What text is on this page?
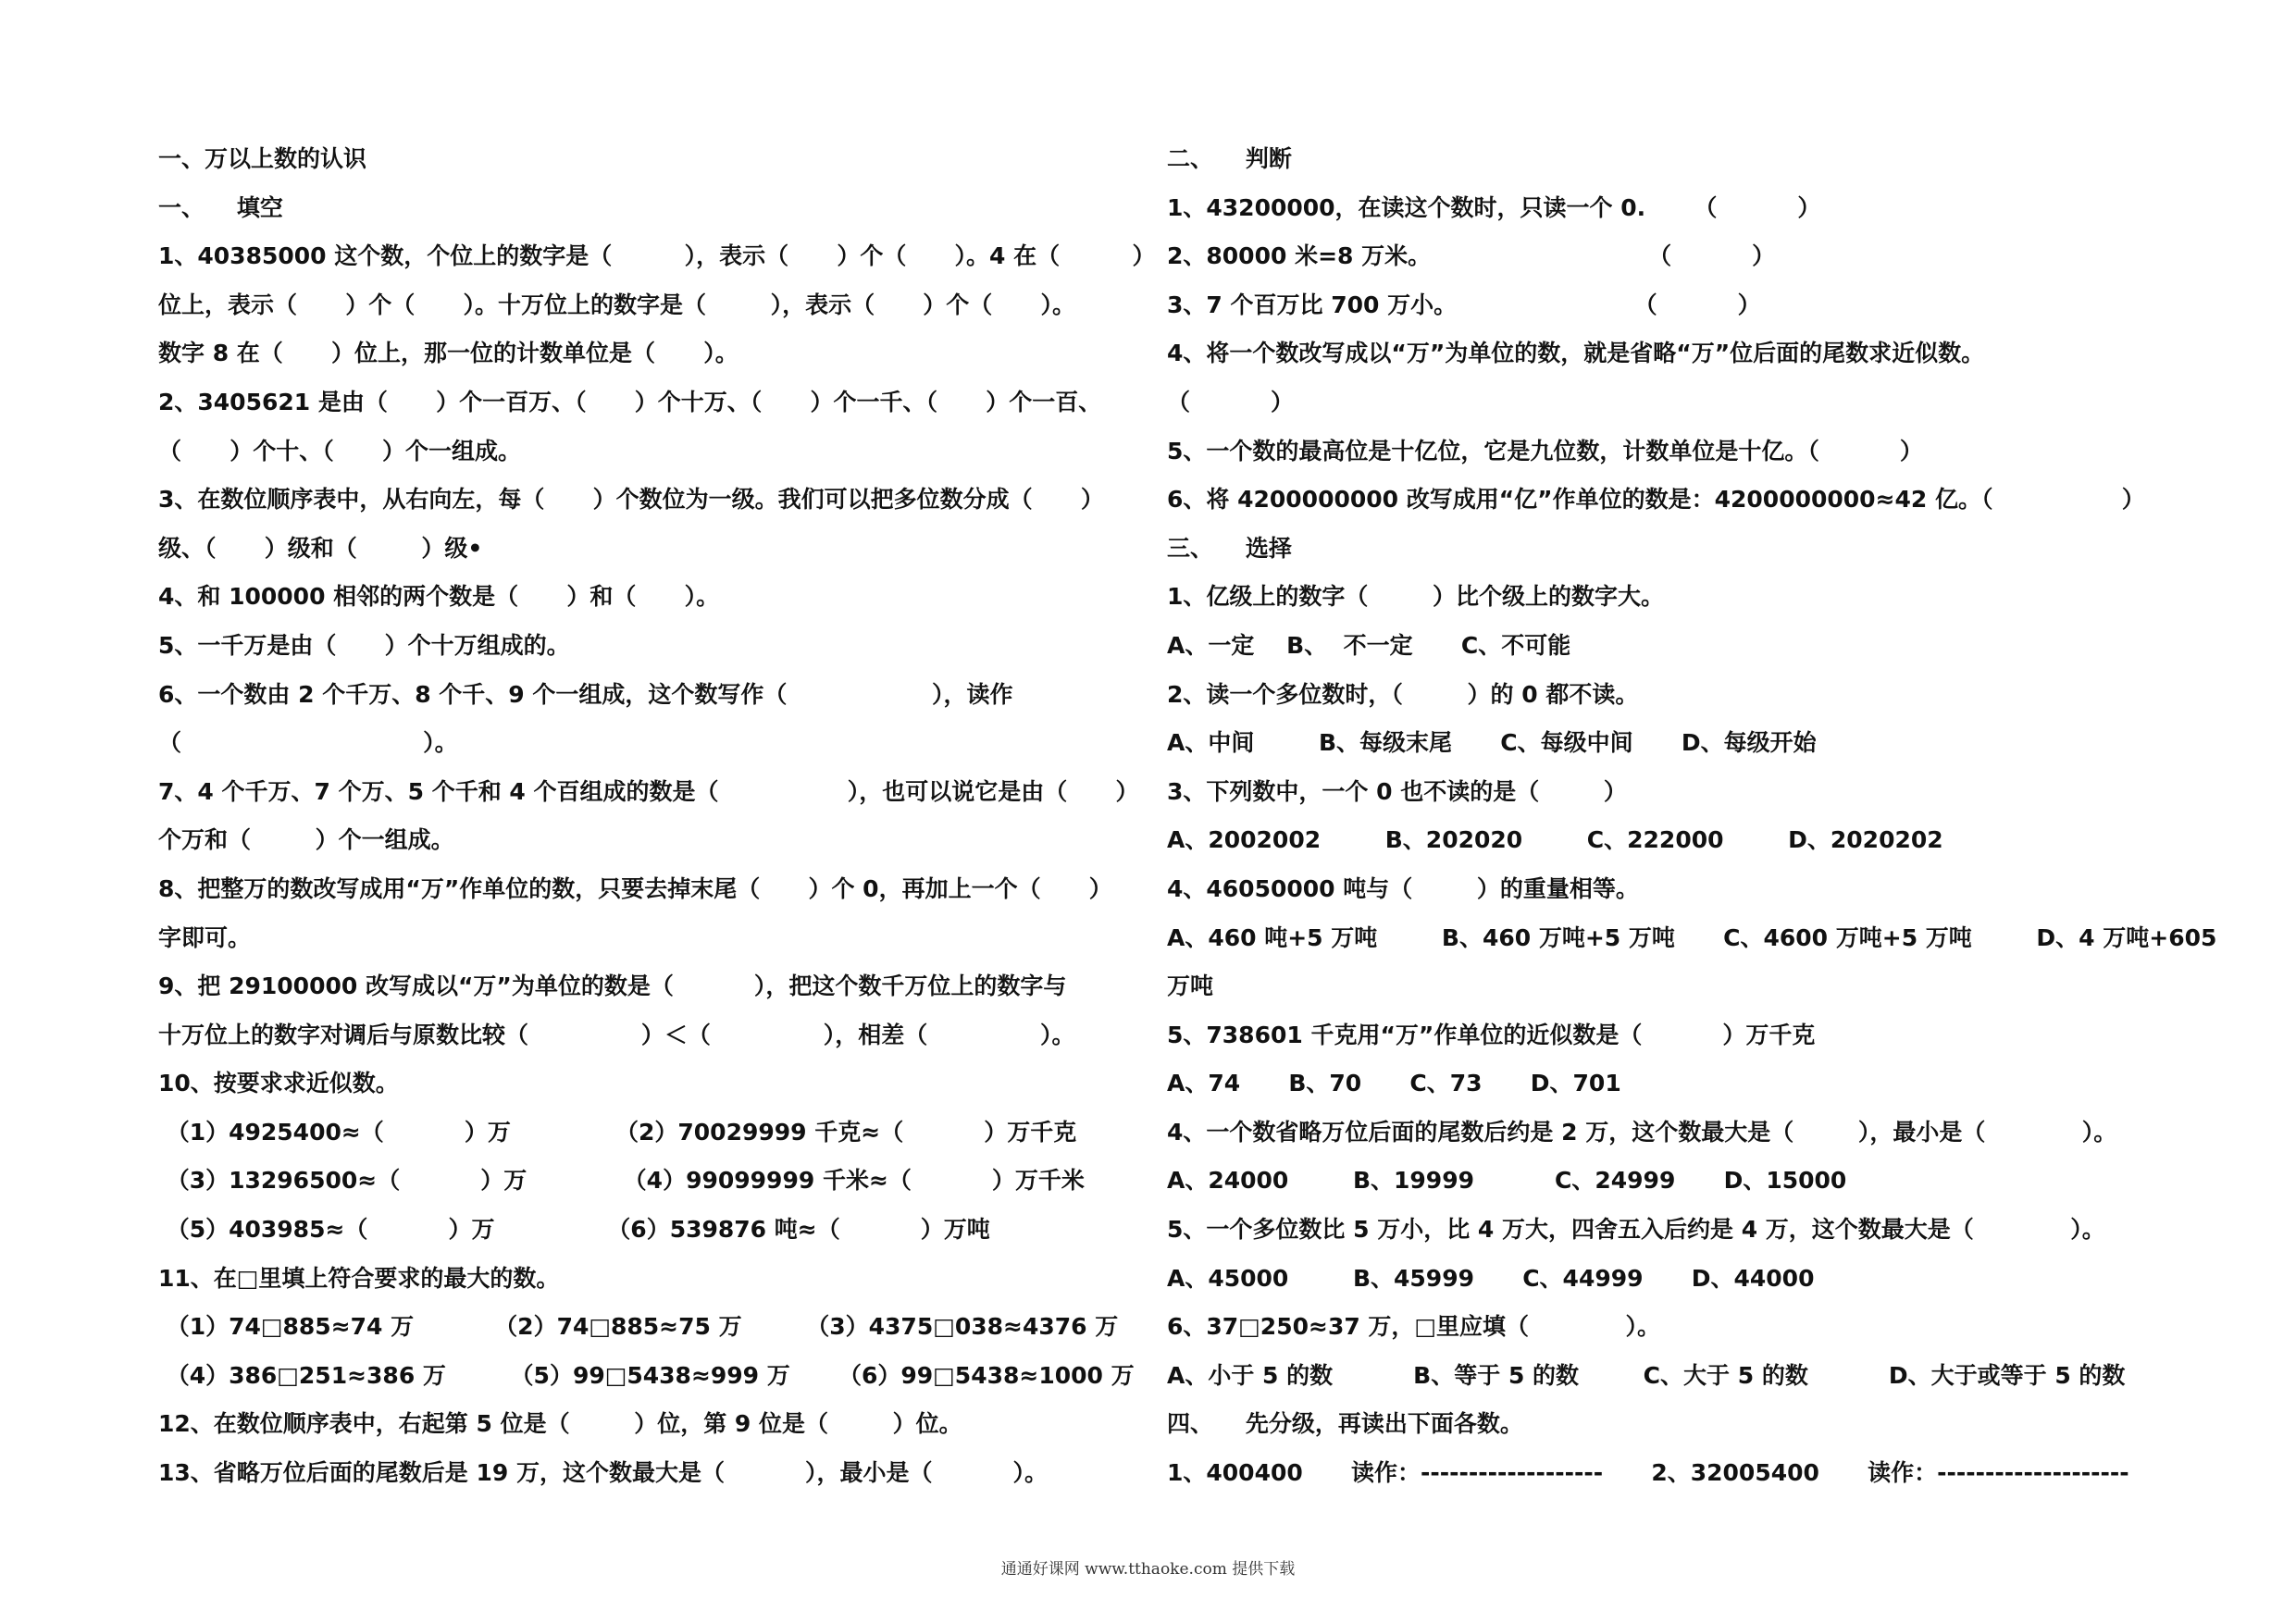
一、万以上数的认识
一、    填空
1、40385000 这个数，个位上的数字是（         ），表示（      ）个（      ）。4 在（         ）
位上，表示（      ）个（      ）。十万位上的数字是（        ），表示（      ）个（      ）。
数字 8 在（      ）位上，那一位的计数单位是（      ）。
2、3405621 是由（      ）个一百万、（      ）个十万、（      ）个一千、（      ）个一百、
（      ）个十、（      ）个一组成。
3、在数位顺序表中，从右向左，每（      ）个数位为一级。我们可以把多位数分成（      ）
级、（      ）级和（        ）级•
4、和 100000 相邻的两个数是（      ）和（      ）。
5、一千万是由（      ）个十万组成的。
6、一个数由 2 个千万、8 个千、9 个一组成，这个数写作（                  ），读作
（                              ）。
7、4 个千万、7 个万、5 个千和 4 个百组成的数是（                ），也可以说它是由（      ）
个万和（        ）个一组成。
8、把整万的数改写成用“万”作单位的数，只要去掉末尾（      ）个 0，再加上一个（      ）
字即可。
9、把 29100000 改写成以“万”为单位的数是（          ），把这个数千万位上的数字与
十万位上的数字对调后与原数比较（              ）＜（              ），相差（              ）。
10、按要求求近似数。
（1）4925400≈（          ）万             （2）70029999 千克≈（          ）万千克
（3）13296500≈（          ）万            （4）99099999 千米≈（          ）万千米
（5）403985≈（          ）万              （6）539876 吨≈（          ）万吨
11、在□里填上符合要求的最大的数。
（1）74□885≈74 万          （2）74□885≈75 万        （3）4375□038≈4376 万
（4）386□251≈386 万        （5）99□5438≈999 万      （6）99□5438≈1000 万
12、在数位顺序表中，右起第 5 位是（        ）位，第 9 位是（        ）位。
13、省略万位后面的尾数后是 19 万，这个数最大是（          ），最小是（          ）。
二、    判断
1、43200000，在读这个数时，只读一个 0.      （          ）
2、80000 米=8 万米。                           （          ）
3、7 个百万比 700 万小。                      （          ）
4、将一个数改写成以“万”为单位的数，就是省略“万”位后面的尾数求近似数。
（          ）
5、一个数的最高位是十亿位，它是九位数，计数单位是十亿。（          ）
6、将 4200000000 改写成用“亿”作单位的数是：4200000000≈42 亿。（                ）
三、    选择
1、亿级上的数字（        ）比个级上的数字大。
A、一定    B、  不一定      C、不可能
2、读一个多位数时，（        ）的 0 都不读。
A、中间        B、每级末尾      C、每级中间      D、每级开始
3、下列数中，一个 0 也不读的是（        ）
A、2002002        B、202020        C、222000        D、2020202
4、46050000 吨与（        ）的重量相等。
A、460 吨+5 万吨        B、460 万吨+5 万吨      C、4600 万吨+5 万吨        D、4 万吨+605
万吨
5、738601 千克用“万”作单位的近似数是（          ）万千克
A、74      B、70      C、73      D、701
4、一个数省略万位后面的尾数后约是 2 万，这个数最大是（        ），最小是（            ）。
A、24000        B、19999          C、24999      D、15000
5、一个多位数比 5 万小，比 4 万大，四舍五入后约是 4 万，这个数最大是（            ）。
A、45000        B、45999      C、44999      D、44000
6、37□250≈37 万，□里应填（            ）。
A、小于 5 的数          B、等于 5 的数        C、大于 5 的数          D、大于或等于 5 的数
四、    先分级，再读出下面各数。
1、400400      读作：-------------------      2、32005400      读作：--------------------
通通好课网 www.tthaoke.com 提供下载
